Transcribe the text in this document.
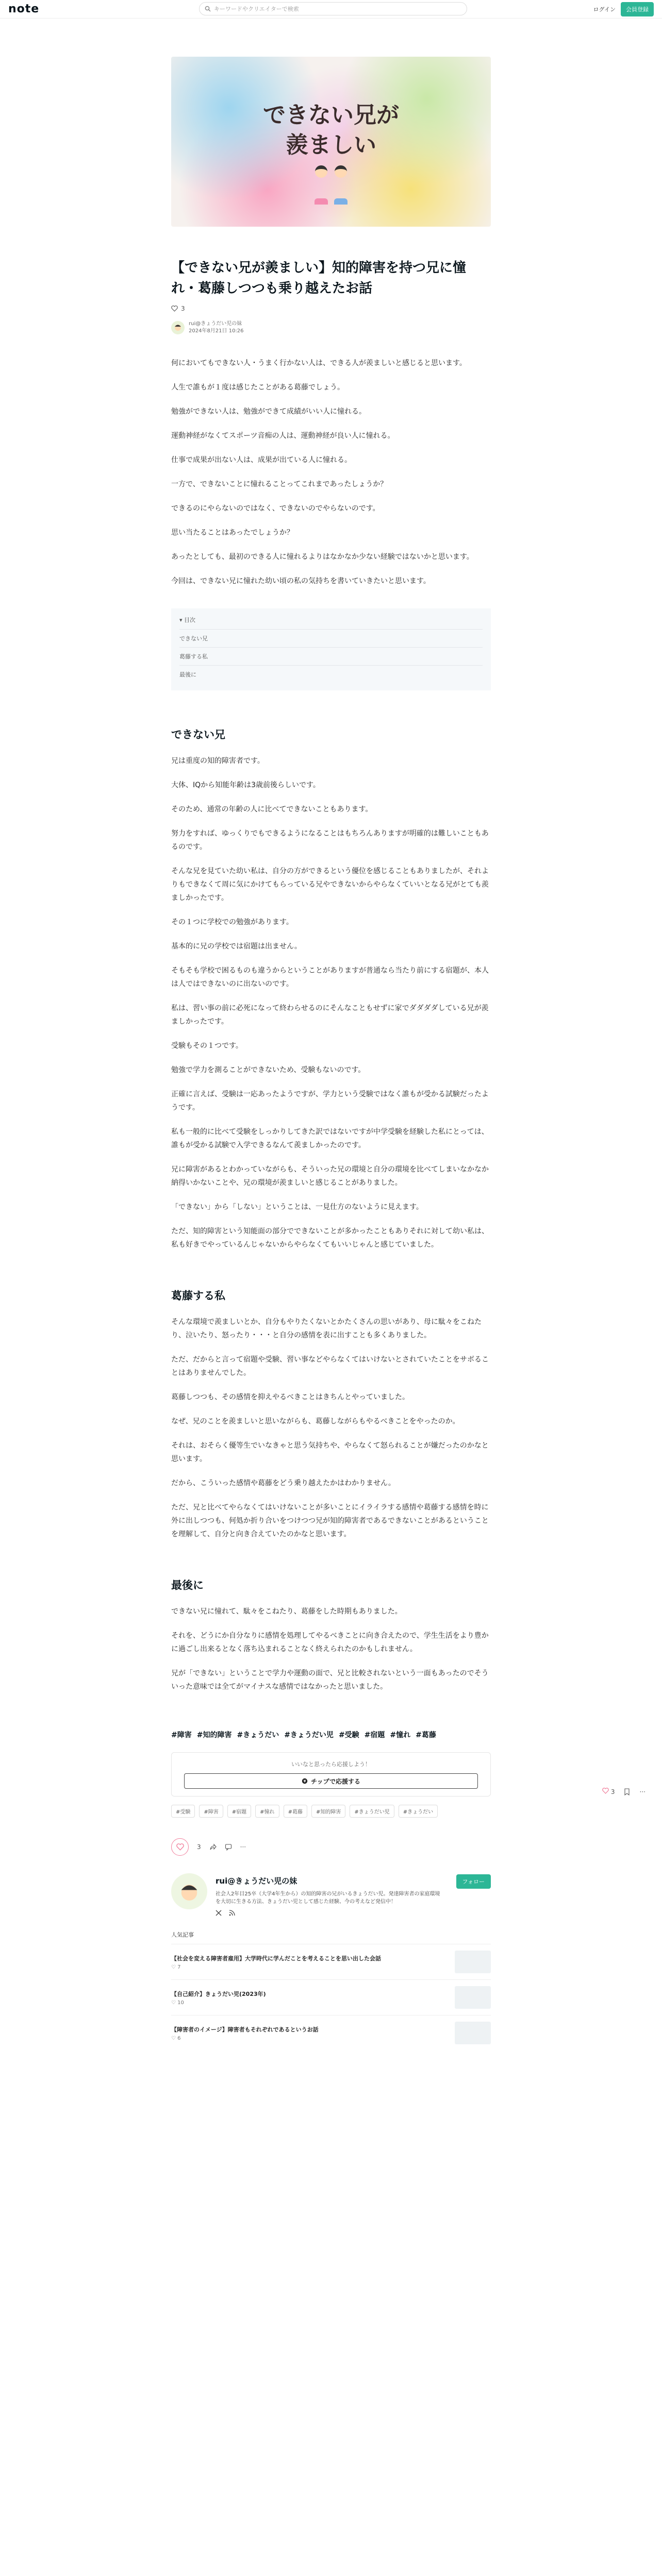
note	キーワードやクリエイターで検索	ログイン	会員登録
できない兄が
羨ましい
【できない兄が羨ましい】知的障害を持つ兄に憧れ・葛藤しつつも乗り越えたお話
3
rui@きょうだい児の妹
2024年8月21日 10:26

何においてもできない人・うまく行かない人は、できる人が羨ましいと感じると思います。

人生で誰もが１度は感じたことがある葛藤でしょう。

勉強ができない人は、勉強ができて成績がいい人に憧れる。

運動神経がなくてスポーツ音痴の人は、運動神経が良い人に憧れる。

仕事で成果が出ない人は、成果が出ている人に憧れる。

一方で、できないことに憧れることってこれまであったしょうか？

できるのにやらないのではなく、できないのでやらないのです。

思い当たることはあったでしょうか？

あったとしても、最初のできる人に憧れるよりはなかなか少ない経験ではないかと思います。

今回は、できない兄に憧れた幼い頃の私の気持ちを書いていきたいと思います。

▾ 目次
できない兄
葛藤する私
最後に
できない兄

兄は重度の知的障害者です。

大体、IQから知能年齢は3歳前後らしいです。

そのため、通常の年齢の人に比べてできないこともあります。

努力をすれば、ゆっくりでもできるようになることはもちろんありますが明確的は難しいこともあるのです。

そんな兄を見ていた幼い私は、自分の方ができるという優位を感じることもありましたが、それよりもできなくて周に気にかけてもらっている兄やできないからやらなくていいとなる兄がとても羨ましかったです。

その１つに学校での勉強があります。

基本的に兄の学校では宿題は出ません。

そもそも学校で困るものも違うからということがありますが普通なら当たり前にする宿題が、本人は人ではできないのに出ないのです。

私は、習い事の前に必死になって終わらせるのにそんなこともせずに家でダダダダしている兄が羨ましかったです。

受験もその１つです。

勉強で学力を測ることができないため、受験もないのです。

正確に言えば、受験は一応あったようですが、学力という受験ではなく誰もが受かる試験だったようです。

私も一般的に比べて受験をしっかりしてきた訳ではないですが中学受験を経験した私にとっては、誰もが受かる試験で入学できるなんて羨ましかったのです。

兄に障害があるとわかっていながらも、そういった兄の環境と自分の環境を比べてしまいなかなか納得いかないことや、兄の環境が羨ましいと感じることがありました。

「できない」から「しない」ということは、一見仕方のないように見えます。

ただ、知的障害という知能面の部分でできないことが多かったこともありそれに対して幼い私は、私も好きでやっているんじゃないからやらなくてもいいじゃんと感じていました。

葛藤する私

そんな環境で羨ましいとか、自分もやりたくないとかたくさんの思いがあり、母に駄々をこねたり、泣いたり、怒ったり・・・と自分の感情を表に出すことも多くありました。

ただ、だからと言って宿題や受験、習い事などやらなくてはいけないとされていたことをサボることはありませんでした。

葛藤しつつも、その感情を抑えやるべきことはきちんとやっていました。

なぜ、兄のことを羨ましいと思いながらも、葛藤しながらもやるべきことをやったのか。

それは、おそらく優等生でいなきゃと思う気持ちや、やらなくて怒られることが嫌だったのかなと思います。

だから、こういった感情や葛藤をどう乗り越えたかはわかりません。

ただ、兄と比べてやらなくてはいけないことが多いことにイライラする感情や葛藤する感情を時に外に出しつつも、何処か折り合いをつけつつ兄が知的障害者であるできないことがあるということを理解して、自分と向き合えていたのかなと思います。

最後に

できない兄に憧れて、駄々をこねたり、葛藤をした時期もありました。

それを、どうにか自分なりに感情を処理してやるべきことに向き合えたので、学生生活をより豊かに過ごし出来るとなく落ち込まれることなく終えられたのかもしれません。

兄が「できない」ということで学力や運動の面で、兄と比較されないという一面もあったのでそういった意味では全てがマイナスな感情ではなかったと思いました。

#障害 #知的障害 #きょうだい #きょうだい児 #受験 #宿題 #憧れ #葛藤
いいなと思ったら応援しよう！
¥ チップで応援する
#受験	#障害	#宿題	#憧れ	#葛藤	#知的障害	#きょうだい児	#きょうだい
3	···
rui@きょうだい児の妹
社会人2年目25卒（大学4年生から）の知的障害の兄がいるきょうだい児。発達障害者の家庭環境を大切に生きる方法、きょうだい児として感じた経験、今の考えなど発信中！
フォロー
人気記事
【社会を変える障害者雇用】大学時代に学んだことを考えることを思い出した会話
♡ 7
【自己紹介】きょうだい児(2023年)
♡ 10
【障害者のイメージ】障害者もそれぞれであるというお話
♡ 6
3	···
